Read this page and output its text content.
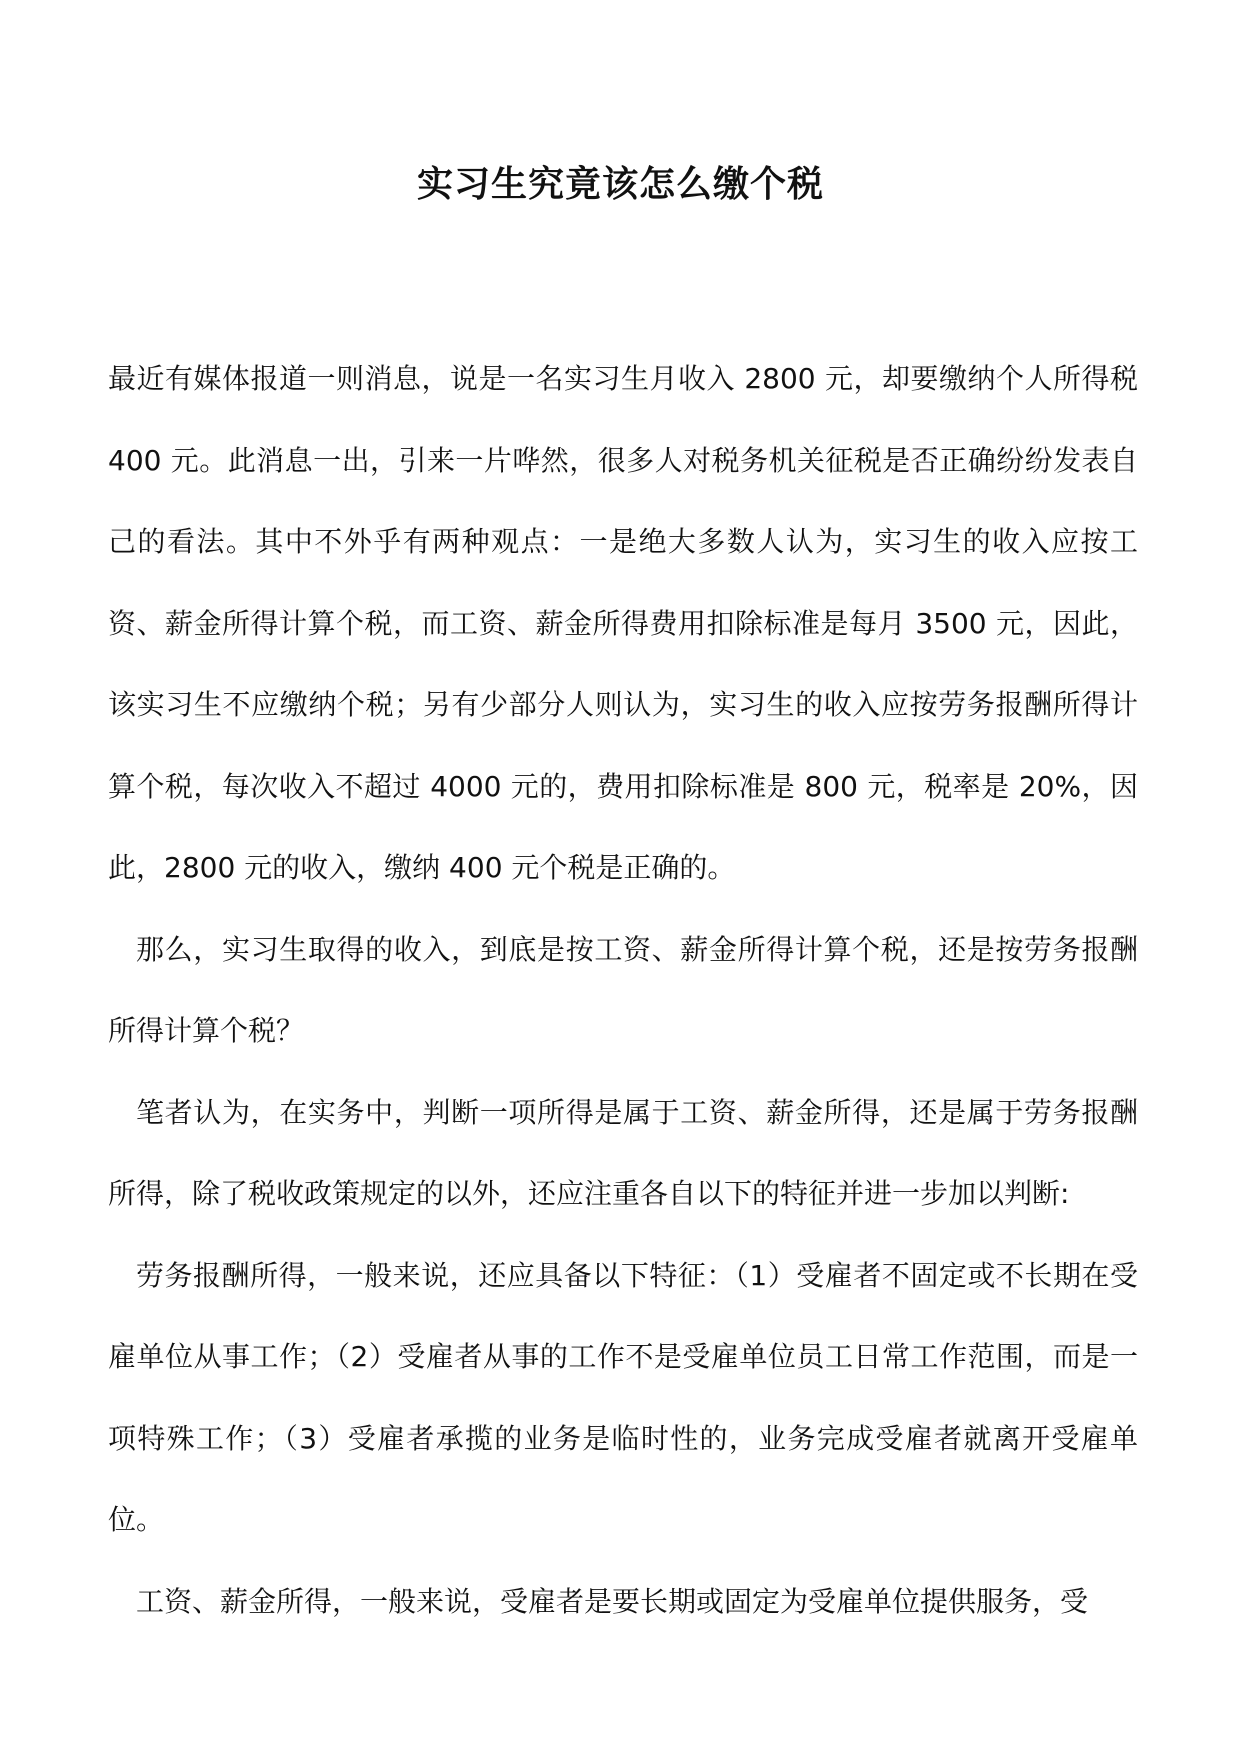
实习生究竟该怎么缴个税

最近有媒体报道一则消息，说是一名实习生月收入 2800 元，却要缴纳个人所得税 400 元。此消息一出，引来一片哗然，很多人对税务机关征税是否正确纷纷发表自己的看法。其中不外乎有两种观点：一是绝大多数人认为，实习生的收入应按工资、薪金所得计算个税，而工资、薪金所得费用扣除标准是每月 3500 元，因此，该实习生不应缴纳个税；另有少部分人则认为，实习生的收入应按劳务报酬所得计算个税，每次收入不超过 4000 元的，费用扣除标准是 800 元，税率是 20%，因此，2800 元的收入，缴纳 400 元个税是正确的。

那么，实习生取得的收入，到底是按工资、薪金所得计算个税，还是按劳务报酬所得计算个税？

笔者认为，在实务中，判断一项所得是属于工资、薪金所得，还是属于劳务报酬所得，除了税收政策规定的以外，还应注重各自以下的特征并进一步加以判断:

劳务报酬所得，一般来说，还应具备以下特征：（1）受雇者不固定或不长期在受雇单位从事工作；（2）受雇者从事的工作不是受雇单位员工日常工作范围，而是一项特殊工作；（3）受雇者承揽的业务是临时性的，业务完成受雇者就离开受雇单位。

工资、薪金所得，一般来说，受雇者是要长期或固定为受雇单位提供服务，受
